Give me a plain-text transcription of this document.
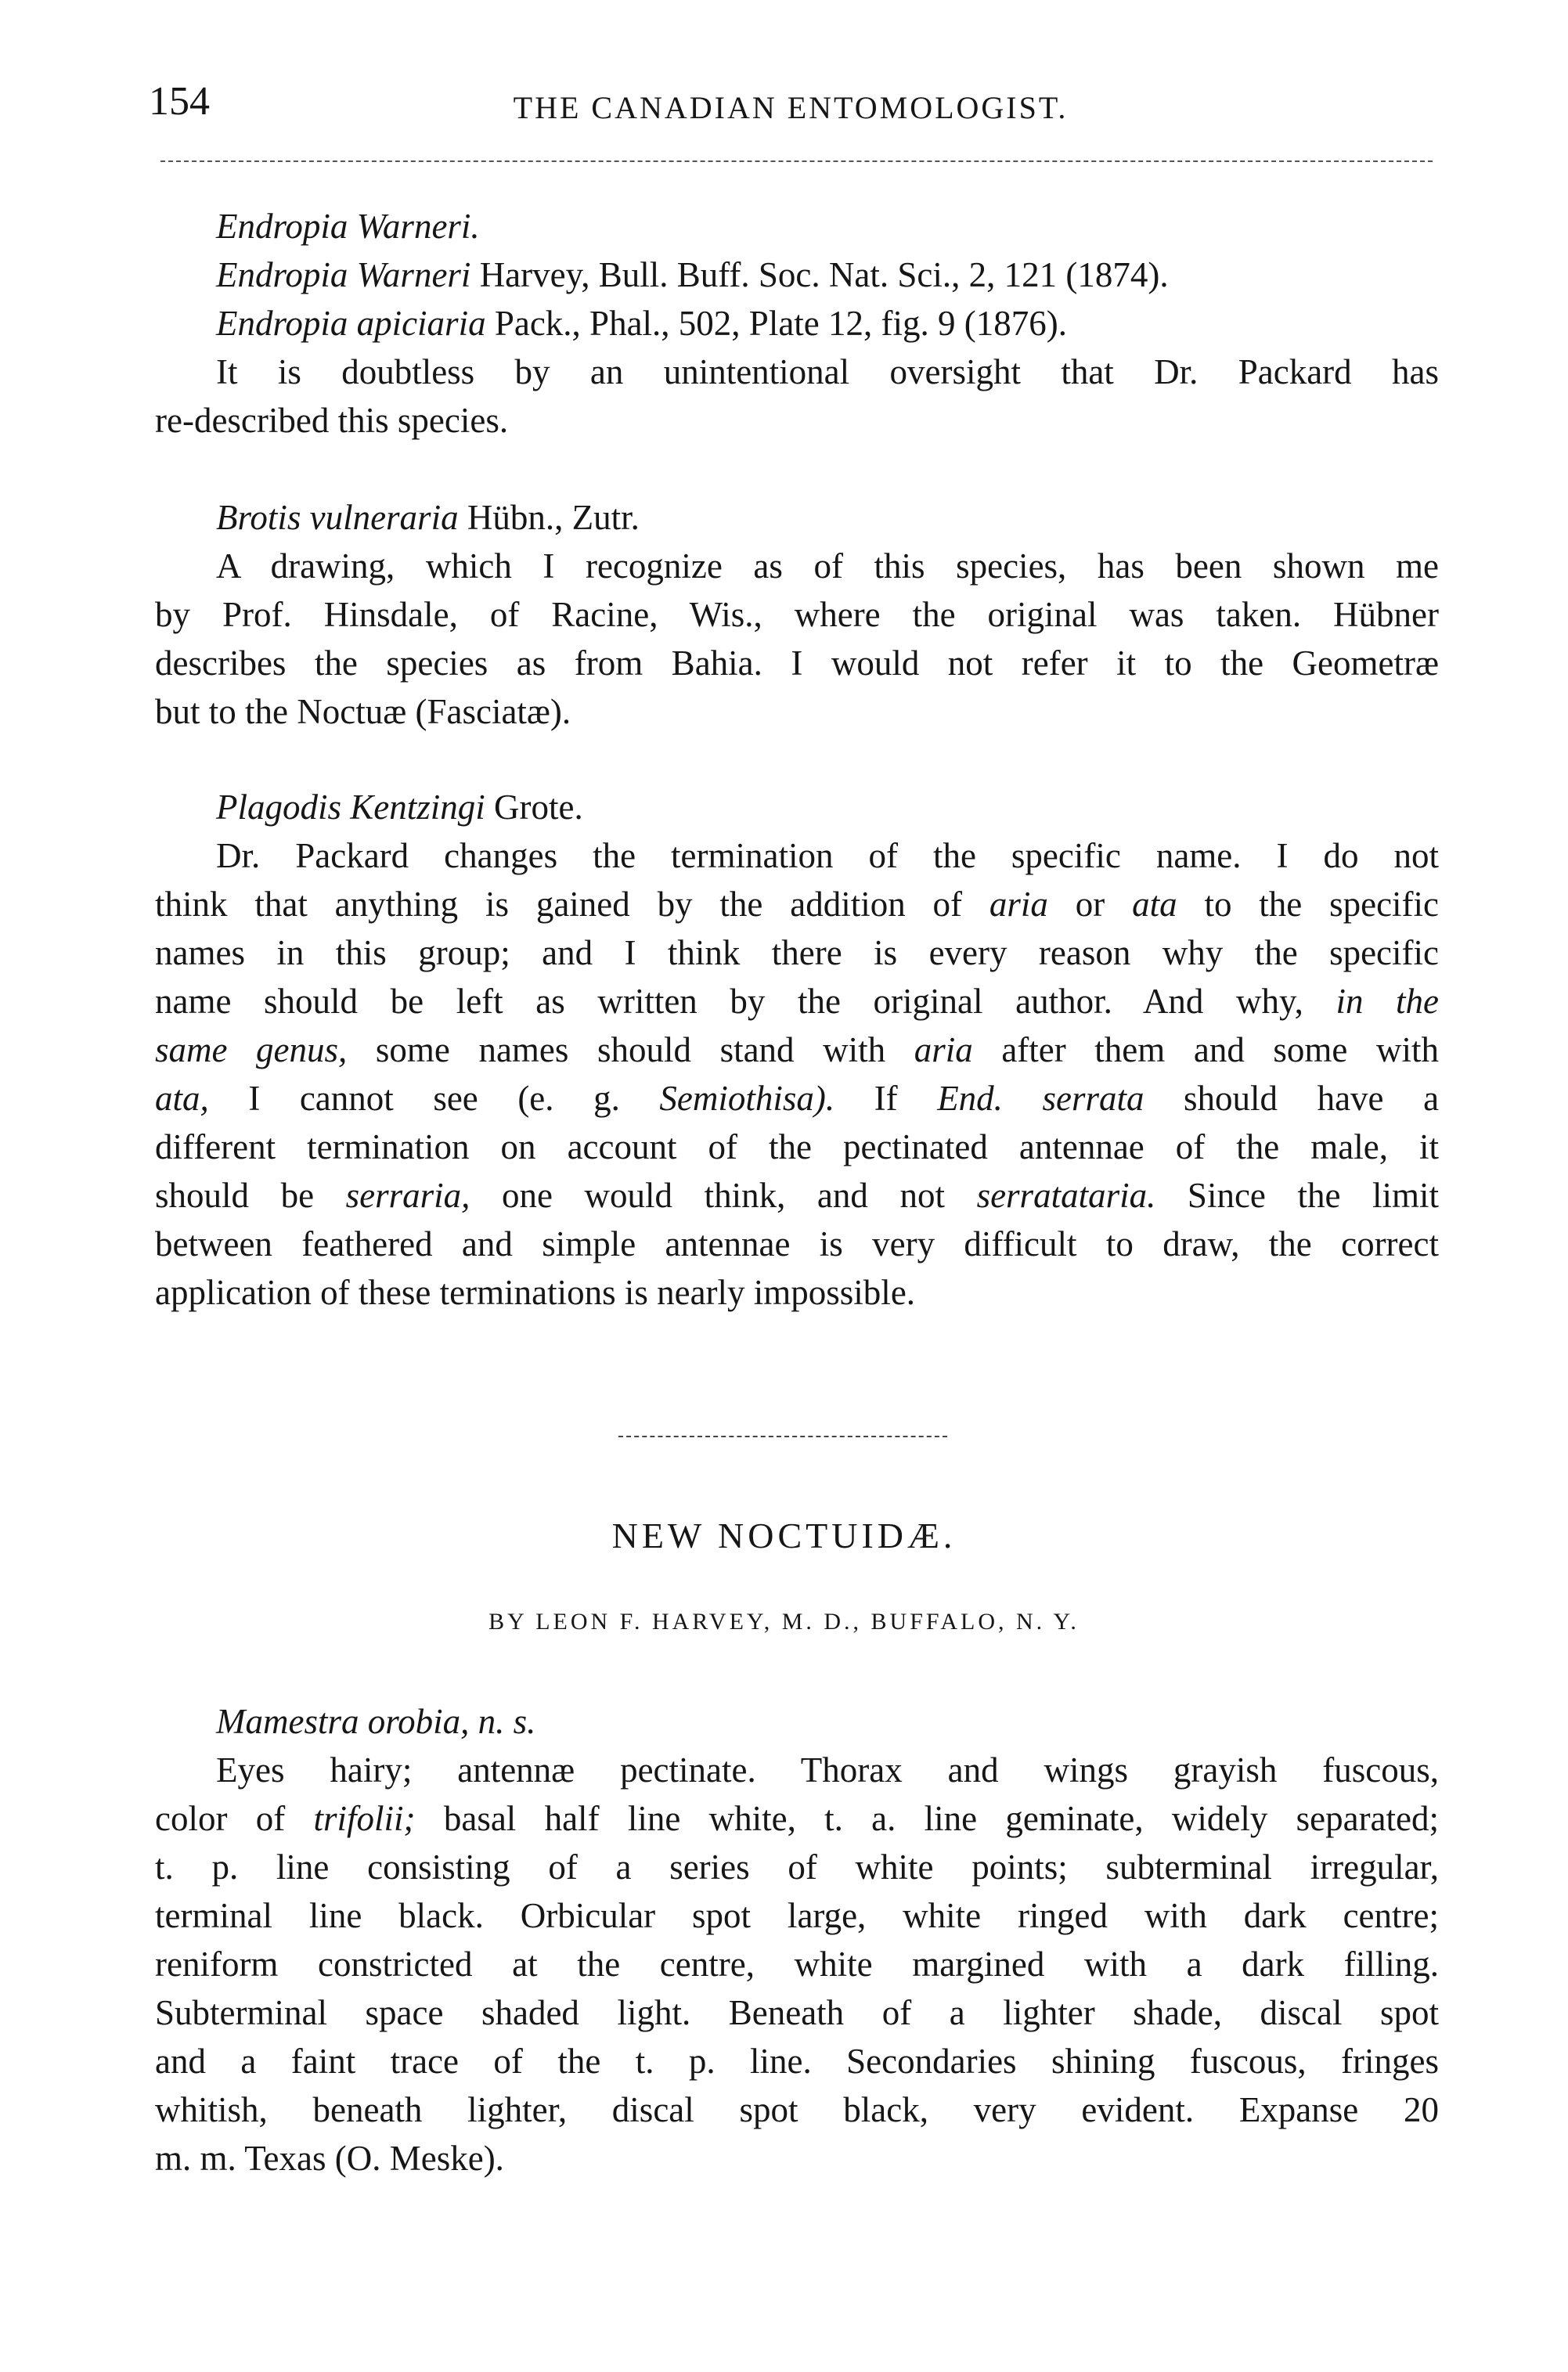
154	THE CANADIAN ENTOMOLOGIST.

Endropia Warneri.

Endropia Warneri Harvey, Bull. Buff. Soc. Nat. Sci., 2, 121 (1874).

Endropia apiciaria Pack., Phal., 502, Plate 12, fig. 9 (1876).

It is doubtless by an unintentional oversight that Dr. Packard has

re-described this species.

Brotis vulneraria Hübn., Zutr.

A drawing, which I recognize as of this species, has been shown me

by Prof. Hinsdale, of Racine, Wis., where the original was taken. Hübner

describes the species as from Bahia. I would not refer it to the Geometræ

but to the Noctuæ (Fasciatæ).

Plagodis Kentzingi Grote.

Dr. Packard changes the termination of the specific name. I do not

think that anything is gained by the addition of aria or ata to the specific

names in this group; and I think there is every reason why the specific

name should be left as written by the original author. And why, in the

same genus, some names should stand with aria after them and some with

ata, I cannot see (e. g. Semiothisa). If End. serrata should have a

different termination on account of the pectinated antennae of the male, it

should be serraria, one would think, and not serratataria. Since the limit

between feathered and simple antennae is very difficult to draw, the correct

application of these terminations is nearly impossible.

NEW NOCTUIDÆ.
BY LEON F. HARVEY, M. D., BUFFALO, N. Y.

Mamestra orobia, n. s.

Eyes hairy; antennæ pectinate. Thorax and wings grayish fuscous,

color of trifolii; basal half line white, t. a. line geminate, widely separated;

t. p. line consisting of a series of white points; subterminal irregular,

terminal line black. Orbicular spot large, white ringed with dark centre;

reniform constricted at the centre, white margined with a dark filling.

Subterminal space shaded light. Beneath of a lighter shade, discal spot

and a faint trace of the t. p. line. Secondaries shining fuscous, fringes

whitish, beneath lighter, discal spot black, very evident. Expanse 20

m. m. Texas (O. Meske).
